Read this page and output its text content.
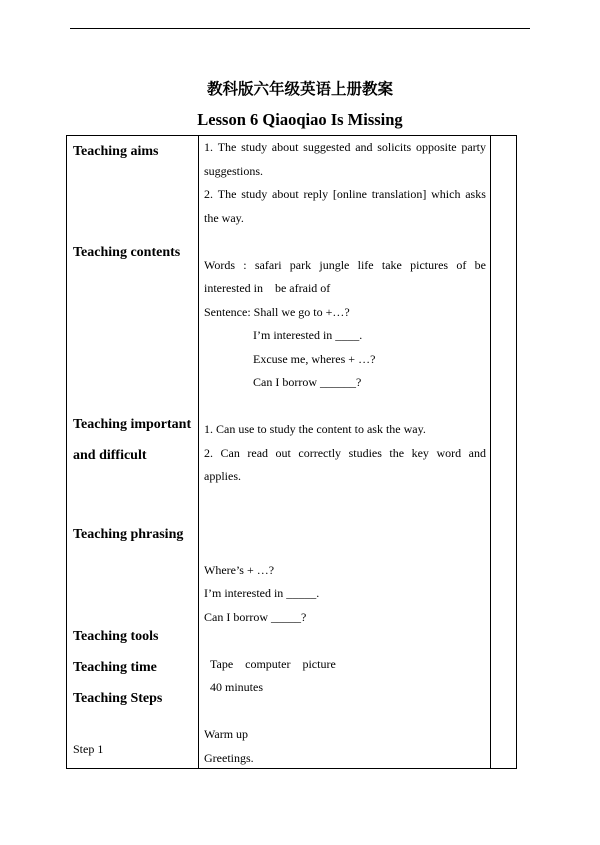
教科版六年级英语上册教案
Lesson 6 Qiaoqiao Is Missing
Teaching aims
Teaching contents
Teaching important
and difficult
Teaching phrasing
Teaching tools
Teaching time
Teaching Steps
Step 1
1. The study about suggested and solicits opposite party
suggestions.
2. The study about reply [online translation] which asks
the way.
Words : safari park jungle life take pictures of be
interested in    be afraid of
Sentence: Shall we go to +…?
I’m interested in ____.
Excuse me, wheres + …?
Can I borrow ______?
1. Can use to study the content to ask the way.
2. Can read out correctly studies the key word and
applies.
Where’s + …?
I’m interested in _____.
Can I borrow _____?
Tape    computer    picture
40 minutes
Warm up
Greetings.
